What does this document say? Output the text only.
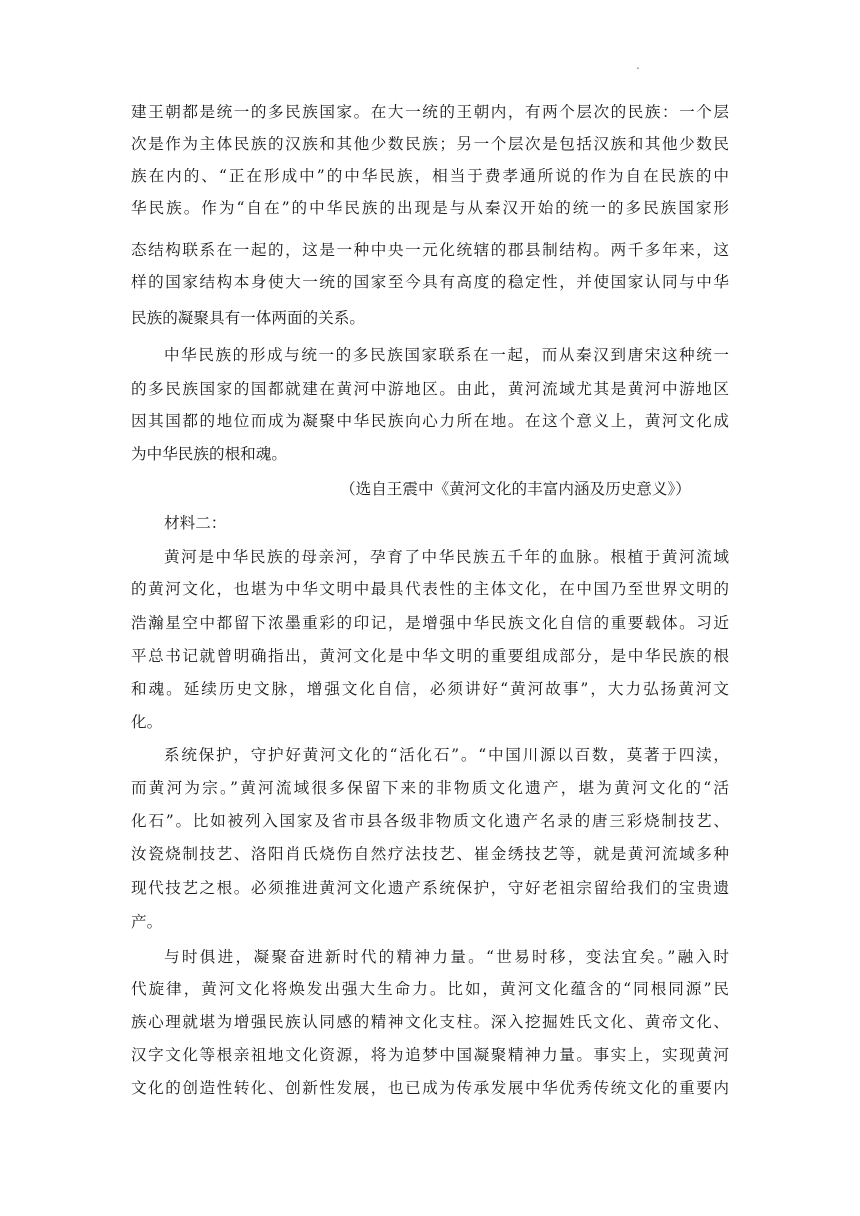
.
建王朝都是统一的多民族国家。在大一统的王朝内，有两个层次的民族：一个层
次是作为主体民族的汉族和其他少数民族；另一个层次是包括汉族和其他少数民
族在内的、“正在形成中”的中华民族，相当于费孝通所说的作为自在民族的中
华民族。作为“自在”的中华民族的出现是与从秦汉开始的统一的多民族国家形
态结构联系在一起的，这是一种中央一元化统辖的郡县制结构。两千多年来，这
样的国家结构本身使大一统的国家至今具有高度的稳定性，并使国家认同与中华
民族的凝聚具有一体两面的关系。
中华民族的形成与统一的多民族国家联系在一起，而从秦汉到唐宋这种统一
的多民族国家的国都就建在黄河中游地区。由此，黄河流域尤其是黄河中游地区
因其国都的地位而成为凝聚中华民族向心力所在地。在这个意义上，黄河文化成
为中华民族的根和魂。
（选自王震中《黄河文化的丰富内涵及历史意义》）
材料二：
黄河是中华民族的母亲河，孕育了中华民族五千年的血脉。根植于黄河流域
的黄河文化，也堪为中华文明中最具代表性的主体文化，在中国乃至世界文明的
浩瀚星空中都留下浓墨重彩的印记，是增强中华民族文化自信的重要载体。习近
平总书记就曾明确指出，黄河文化是中华文明的重要组成部分，是中华民族的根
和魂。延续历史文脉，增强文化自信，必须讲好“黄河故事”，大力弘扬黄河文
化。
系统保护，守护好黄河文化的“活化石”。“中国川源以百数，莫著于四渎，
而黄河为宗。”黄河流域很多保留下来的非物质文化遗产，堪为黄河文化的“活
化石”。比如被列入国家及省市县各级非物质文化遗产名录的唐三彩烧制技艺、
汝瓷烧制技艺、洛阳肖氏烧伤自然疗法技艺、崔金绣技艺等，就是黄河流域多种
现代技艺之根。必须推进黄河文化遗产系统保护，守好老祖宗留给我们的宝贵遗
产。
与时俱进，凝聚奋进新时代的精神力量。“世易时移，变法宜矣。”融入时
代旋律，黄河文化将焕发出强大生命力。比如，黄河文化蕴含的“同根同源”民
族心理就堪为增强民族认同感的精神文化支柱。深入挖掘姓氏文化、黄帝文化、
汉字文化等根亲祖地文化资源，将为追梦中国凝聚精神力量。事实上，实现黄河
文化的创造性转化、创新性发展，也已成为传承发展中华优秀传统文化的重要内
